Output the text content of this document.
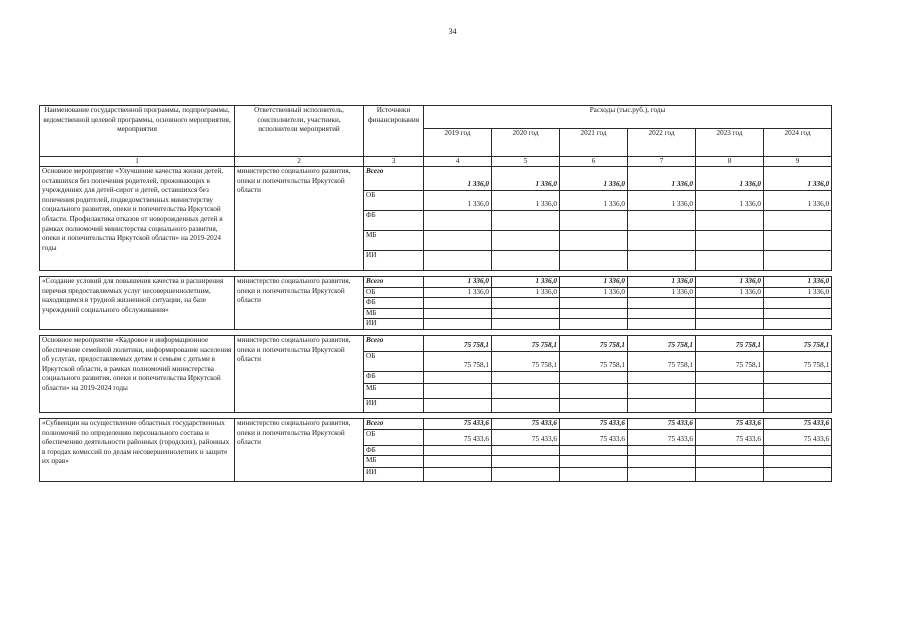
34
Наименование государственной программы, подпрограммы, ведомственной целевой программы, основного мероприятия, мероприятия	Ответственный исполнитель, соисполнители, участники, исполнители мероприятий	Источники финансирования	Расходы (тыс.руб.), годы					
			2019 год	2020 год	2021 год	2022 год	2023 год	2024 год
1	2	3	4	5	6	7	8	9
Основное мероприятие «Улучшение качества жизни детей, оставшихся без попечения родителей, проживающих в учреждениях для детей-сирот и детей, оставшихся без попечения родителей, подведомственных министерству социального развития, опеки и попечительства Иркутской области. Профилактика отказов от новорожденных детей в рамках полномочий министерства социального развития, опеки и попечительства Иркутской области» на 2019-2024 годы	министерство социального развития, опеки и попечительства Иркутской области	Всего	1 336,0	1 336,0	1 336,0	1 336,0	1 336,0	1 336,0
		ОБ	1 336,0	1 336,0	1 336,0	1 336,0	1 336,0	1 336,0
		ФБ						
		МБ						
		ИИ						

«Создание условий для повышения качества и расширения перечня предоставляемых услуг несовершеннолетним, находящимся в трудной жизненной ситуации, на базе учреждений социального обслуживания»	министерство социального развития, опеки и попечительства Иркутской области	Всего	1 336,0	1 336,0	1 336,0	1 336,0	1 336,0	1 336,0
		ОБ	1 336,0	1 336,0	1 336,0	1 336,0	1 336,0	1 336,0
		ФБ						
		МБ						
		ИИ						

Основное мероприятие «Кадровое и информационное обеспечение семейной политики, информирование населения об услугах, предоставляемых детям и семьям с детьми в Иркутской области, в рамках полномочий министерства социального развития, опеки и попечительства Иркутской области» на 2019-2024 годы	министерство социального развития, опеки и попечительства Иркутской области	Всего	75 758,1	75 758,1	75 758,1	75 758,1	75 758,1	75 758,1
		ОБ	75 758,1	75 758,1	75 758,1	75 758,1	75 758,1	75 758,1
		ФБ						
		МБ						
		ИИ						

«Субвенции на осуществление областных государственных полномочий по определению персонального состава и обеспечению деятельности районных (городских), районных в городах комиссий по делам несовершеннолетних и защите их прав»	министерство социального развития, опеки и попечительства Иркутской области	Всего	75 433,6	75 433,6	75 433,6	75 433,6	75 433,6	75 433,6
		ОБ	75 433,6	75 433,6	75 433,6	75 433,6	75 433,6	75 433,6
		ФБ						
		МБ						
		ИИ						
